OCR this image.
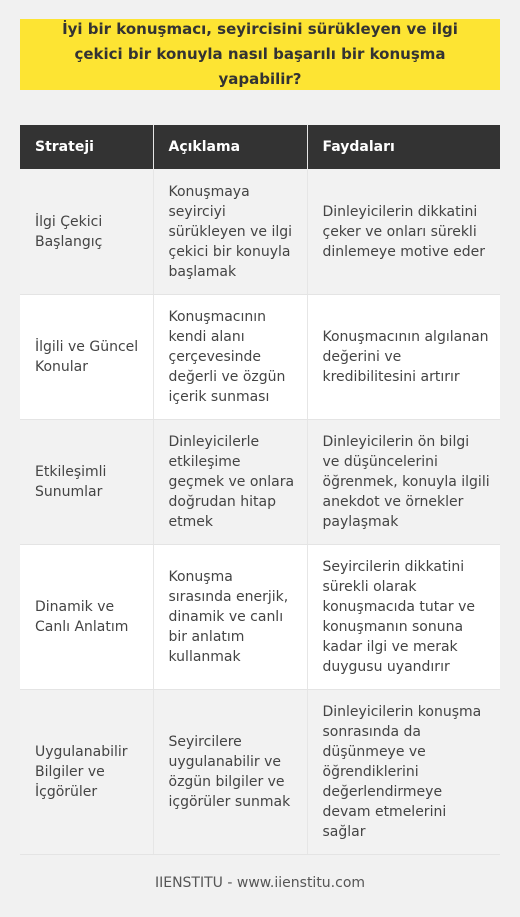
İyi bir konuşmacı, seyircisini sürükleyen ve ilgi çekici bir konuyla nasıl başarılı bir konuşma yapabilir?
Strateji	Açıklama	Faydaları
İlgi Çekici Başlangıç	Konuşmaya seyirciyi sürükleyen ve ilgi çekici bir konuyla başlamak	Dinleyicilerin dikkatini çeker ve onları sürekli dinlemeye motive eder
İlgili ve Güncel Konular	Konuşmacının kendi alanı çerçevesinde değerli ve özgün içerik sunması	Konuşmacının algılanan değerini ve kredibilitesini artırır
Etkileşimli Sunumlar	Dinleyicilerle etkileşime geçmek ve onlara doğrudan hitap etmek	Dinleyicilerin ön bilgi ve düşüncelerini öğrenmek, konuyla ilgili anekdot ve örnekler paylaşmak
Dinamik ve Canlı Anlatım	Konuşma sırasında enerjik, dinamik ve canlı bir anlatım kullanmak	Seyircilerin dikkatini sürekli olarak konuşmacıda tutar ve konuşmanın sonuna kadar ilgi ve merak duygusu uyandırır
Uygulanabilir Bilgiler ve İçgörüler	Seyircilere uygulanabilir ve özgün bilgiler ve içgörüler sunmak	Dinleyicilerin konuşma sonrasında da düşünmeye ve öğrendiklerini değerlendirmeye devam etmelerini sağlar
IIENSTITU - www.iienstitu.com
